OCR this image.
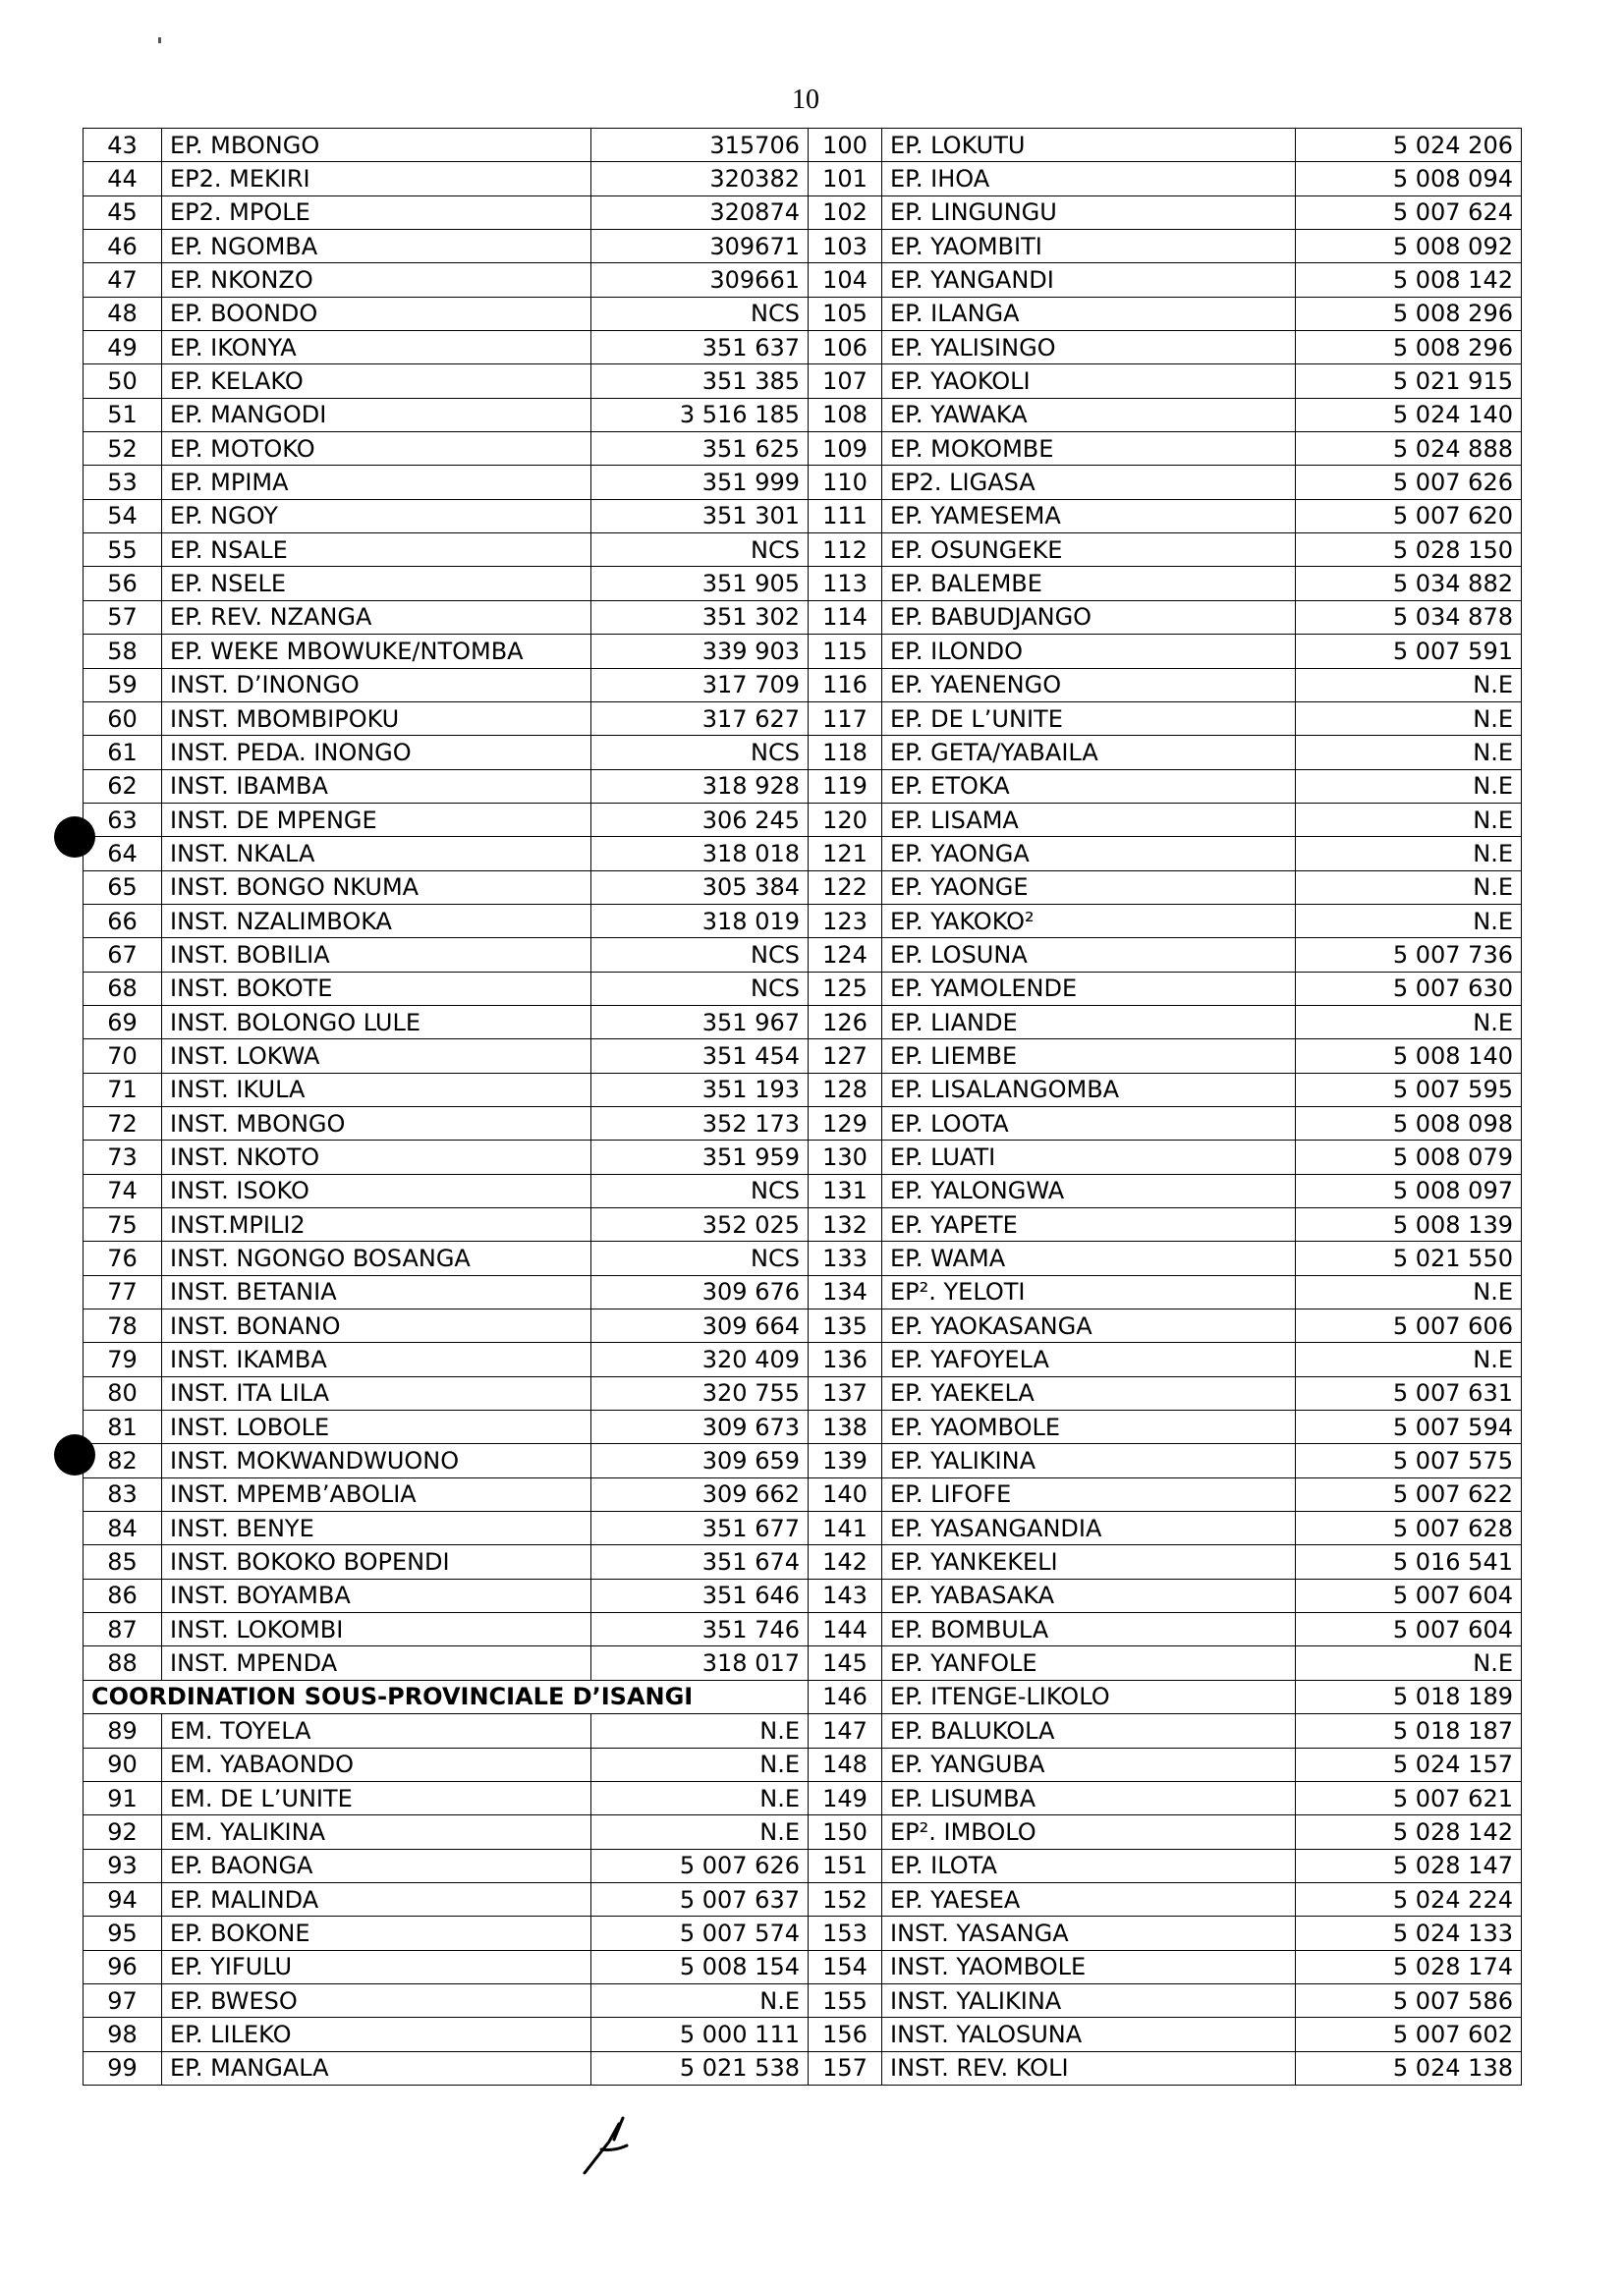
10
43	EP. MBONGO	315706	100	EP. LOKUTU	5 024 206
44	EP2. MEKIRI	320382	101	EP. IHOA	5 008 094
45	EP2. MPOLE	320874	102	EP. LINGUNGU	5 007 624
46	EP. NGOMBA	309671	103	EP. YAOMBITI	5 008 092
47	EP. NKONZO	309661	104	EP. YANGANDI	5 008 142
48	EP. BOONDO	NCS	105	EP. ILANGA	5 008 296
49	EP. IKONYA	351 637	106	EP. YALISINGO	5 008 296
50	EP. KELAKO	351 385	107	EP. YAOKOLI	5 021 915
51	EP. MANGODI	3 516 185	108	EP. YAWAKA	5 024 140
52	EP. MOTOKO	351 625	109	EP. MOKOMBE	5 024 888
53	EP. MPIMA	351 999	110	EP2. LIGASA	5 007 626
54	EP. NGOY	351 301	111	EP. YAMESEMA	5 007 620
55	EP. NSALE	NCS	112	EP. OSUNGEKE	5 028 150
56	EP. NSELE	351 905	113	EP. BALEMBE	5 034 882
57	EP. REV. NZANGA	351 302	114	EP. BABUDJANGO	5 034 878
58	EP. WEKE MBOWUKE/NTOMBA	339 903	115	EP. ILONDO	5 007 591
59	INST. D’INONGO	317 709	116	EP. YAENENGO	N.E
60	INST. MBOMBIPOKU	317 627	117	EP. DE L’UNITE	N.E
61	INST. PEDA. INONGO	NCS	118	EP. GETA/YABAILA	N.E
62	INST. IBAMBA	318 928	119	EP. ETOKA	N.E
63	INST. DE MPENGE	306 245	120	EP. LISAMA	N.E
64	INST. NKALA	318 018	121	EP. YAONGA	N.E
65	INST. BONGO NKUMA	305 384	122	EP. YAONGE	N.E
66	INST. NZALIMBOKA	318 019	123	EP. YAKOKO²	N.E
67	INST. BOBILIA	NCS	124	EP. LOSUNA	5 007 736
68	INST. BOKOTE	NCS	125	EP. YAMOLENDE	5 007 630
69	INST. BOLONGO LULE	351 967	126	EP. LIANDE	N.E
70	INST. LOKWA	351 454	127	EP. LIEMBE	5 008 140
71	INST. IKULA	351 193	128	EP. LISALANGOMBA	5 007 595
72	INST. MBONGO	352 173	129	EP. LOOTA	5 008 098
73	INST. NKOTO	351 959	130	EP. LUATI	5 008 079
74	INST. ISOKO	NCS	131	EP. YALONGWA	5 008 097
75	INST.MPILI2	352 025	132	EP. YAPETE	5 008 139
76	INST. NGONGO BOSANGA	NCS	133	EP. WAMA	5 021 550
77	INST. BETANIA	309 676	134	EP². YELOTI	N.E
78	INST. BONANO	309 664	135	EP. YAOKASANGA	5 007 606
79	INST. IKAMBA	320 409	136	EP. YAFOYELA	N.E
80	INST. ITA LILA	320 755	137	EP. YAEKELA	5 007 631
81	INST. LOBOLE	309 673	138	EP. YAOMBOLE	5 007 594
82	INST. MOKWANDWUONO	309 659	139	EP. YALIKINA	5 007 575
83	INST. MPEMB’ABOLIA	309 662	140	EP. LIFOFE	5 007 622
84	INST. BENYE	351 677	141	EP. YASANGANDIA	5 007 628
85	INST. BOKOKO BOPENDI	351 674	142	EP. YANKEKELI	5 016 541
86	INST. BOYAMBA	351 646	143	EP. YABASAKA	5 007 604
87	INST. LOKOMBI	351 746	144	EP. BOMBULA	5 007 604
88	INST. MPENDA	318 017	145	EP. YANFOLE	N.E
COORDINATION SOUS-PROVINCIALE D’ISANGI			146	EP. ITENGE-LIKOLO	5 018 189
89	EM. TOYELA	N.E	147	EP. BALUKOLA	5 018 187
90	EM. YABAONDO	N.E	148	EP. YANGUBA	5 024 157
91	EM. DE L’UNITE	N.E	149	EP. LISUMBA	5 007 621
92	EM. YALIKINA	N.E	150	EP². IMBOLO	5 028 142
93	EP. BAONGA	5 007 626	151	EP. ILOTA	5 028 147
94	EP. MALINDA	5 007 637	152	EP. YAESEA	5 024 224
95	EP. BOKONE	5 007 574	153	INST. YASANGA	5 024 133
96	EP. YIFULU	5 008 154	154	INST. YAOMBOLE	5 028 174
97	EP. BWESO	N.E	155	INST. YALIKINA	5 007 586
98	EP. LILEKO	5 000 111	156	INST. YALOSUNA	5 007 602
99	EP. MANGALA	5 021 538	157	INST. REV. KOLI	5 024 138
